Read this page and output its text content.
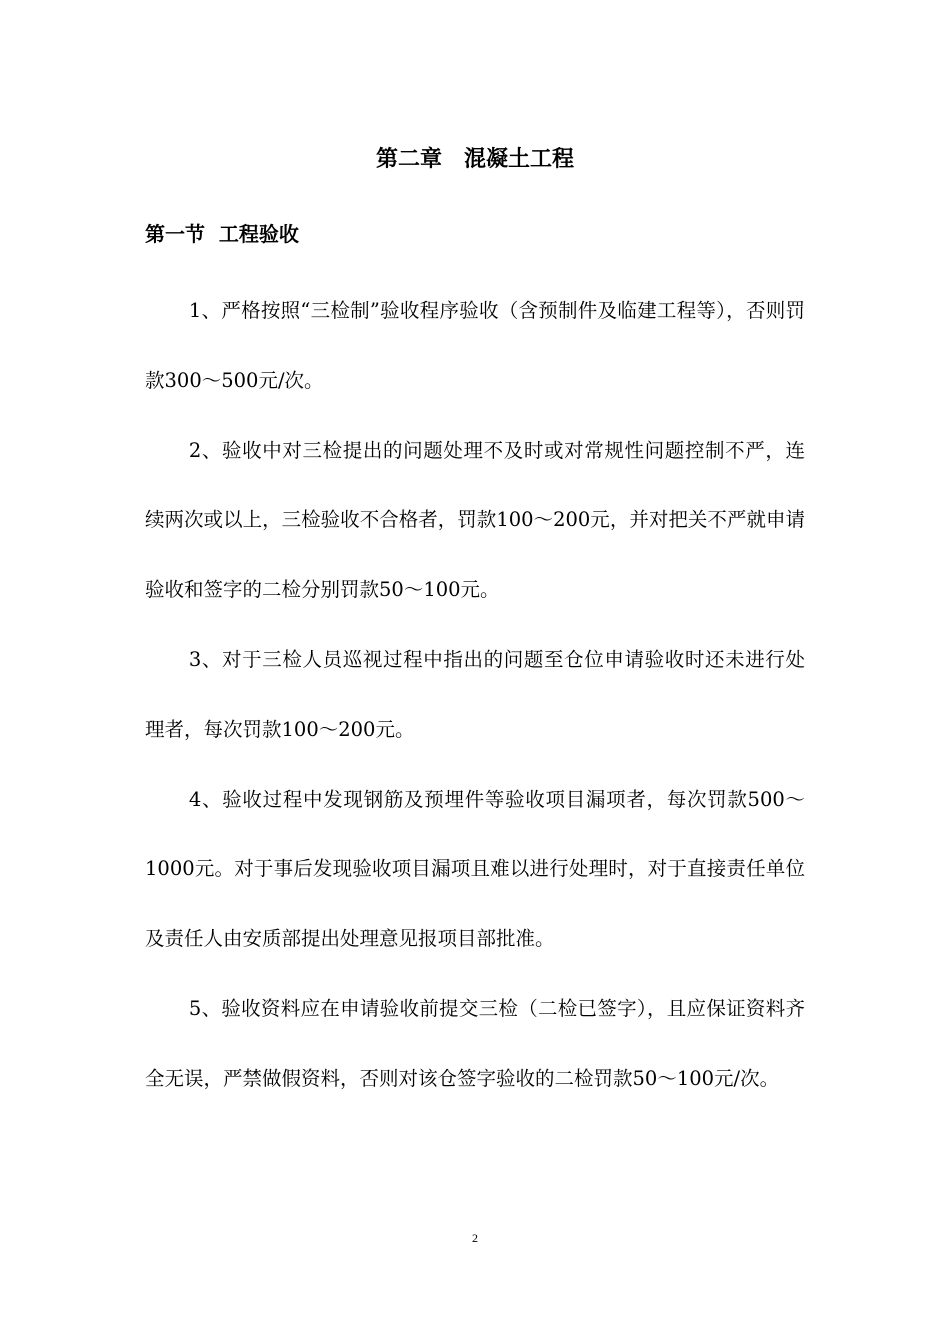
第二章　混凝土工程
第一节  工程验收

1、严格按照“三检制”验收程序验收（含预制件及临建工程等），否则罚款300～500元/次。

2、验收中对三检提出的问题处理不及时或对常规性问题控制不严，连续两次或以上，三检验收不合格者，罚款100～200元，并对把关不严就申请验收和签字的二检分别罚款50～100元。

3、对于三检人员巡视过程中指出的问题至仓位申请验收时还未进行处理者，每次罚款100～200元。

4、验收过程中发现钢筋及预埋件等验收项目漏项者，每次罚款500～1000元。对于事后发现验收项目漏项且难以进行处理时，对于直接责任单位及责任人由安质部提出处理意见报项目部批准。

5、验收资料应在申请验收前提交三检（二检已签字），且应保证资料齐全无误，严禁做假资料，否则对该仓签字验收的二检罚款50～100元/次。

2
